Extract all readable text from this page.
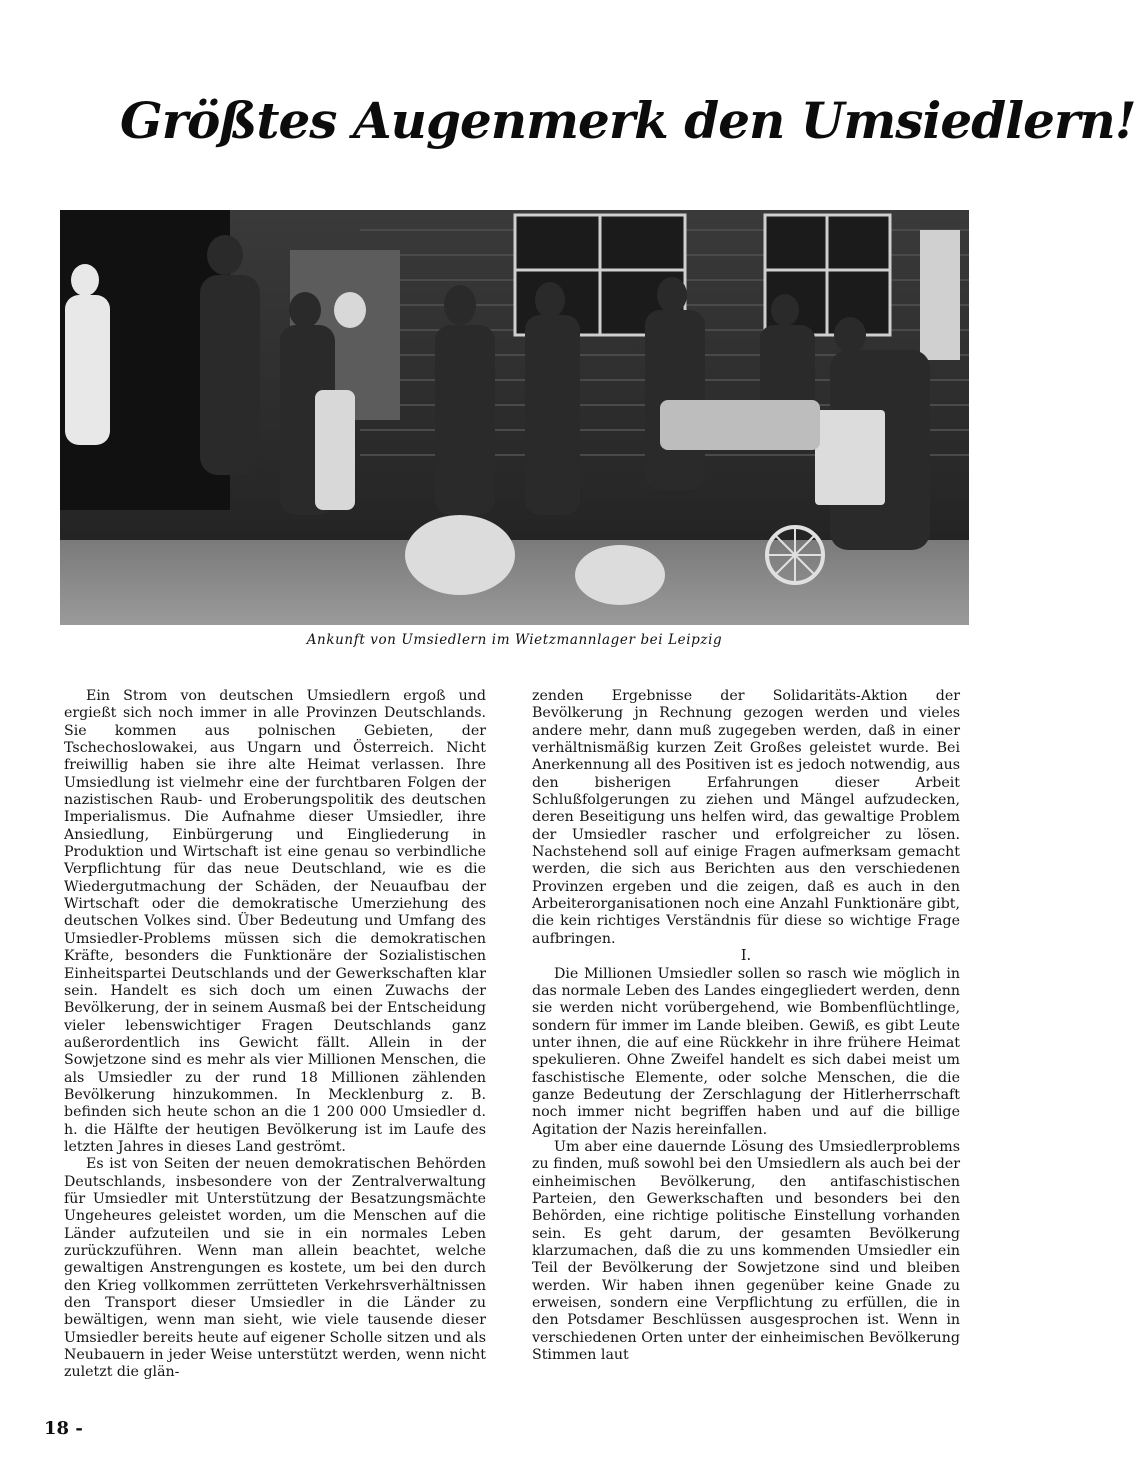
Größtes Augenmerk den Umsiedlern!
Ankunft von Umsiedlern im Wietzmannlager bei Leipzig

Ein Strom von deutschen Umsiedlern ergoß und ergießt sich noch immer in alle Provinzen Deutschlands. Sie kommen aus polnischen Gebieten, der Tschechoslowakei, aus Ungarn und Österreich. Nicht freiwillig haben sie ihre alte Heimat verlassen. Ihre Umsiedlung ist vielmehr eine der furchtbaren Folgen der nazistischen Raub- und Eroberungspolitik des deutschen Imperialismus. Die Aufnahme dieser Umsiedler, ihre Ansiedlung, Einbürgerung und Eingliederung in Produktion und Wirtschaft ist eine genau so verbindliche Verpflichtung für das neue Deutschland, wie es die Wiedergutmachung der Schäden, der Neuaufbau der Wirtschaft oder die demokratische Umerziehung des deutschen Volkes sind. Über Bedeutung und Umfang des Umsiedler-Problems müssen sich die demokratischen Kräfte, besonders die Funktionäre der Sozialistischen Einheitspartei Deutschlands und der Gewerkschaften klar sein. Handelt es sich doch um einen Zuwachs der Bevölkerung, der in seinem Ausmaß bei der Entscheidung vieler lebenswichtiger Fragen Deutschlands ganz außerordentlich ins Gewicht fällt. Allein in der Sowjetzone sind es mehr als vier Millionen Menschen, die als Umsiedler zu der rund 18 Millionen zählenden Bevölkerung hinzukommen. In Mecklenburg z. B. befinden sich heute schon an die 1 200 000 Umsiedler d. h. die Hälfte der heutigen Bevölkerung ist im Laufe des letzten Jahres in dieses Land geströmt.

Es ist von Seiten der neuen demokratischen Behörden Deutschlands, insbesondere von der Zentralverwaltung für Umsiedler mit Unterstützung der Besatzungsmächte Ungeheures geleistet worden, um die Menschen auf die Länder aufzuteilen und sie in ein normales Leben zurückzuführen. Wenn man allein beachtet, welche gewaltigen Anstrengungen es kostete, um bei den durch den Krieg vollkommen zerrütteten Verkehrsverhältnissen den Transport dieser Umsiedler in die Länder zu bewältigen, wenn man sieht, wie viele tausende dieser Umsiedler bereits heute auf eigener Scholle sitzen und als Neubauern in jeder Weise unterstützt werden, wenn nicht zuletzt die glän-

zenden Ergebnisse der Solidaritäts-Aktion der Bevölkerung jn Rechnung gezogen werden und vieles andere mehr, dann muß zugegeben werden, daß in einer verhältnismäßig kurzen Zeit Großes geleistet wurde. Bei Anerkennung all des Positiven ist es jedoch notwendig, aus den bisherigen Erfahrungen dieser Arbeit Schlußfolgerungen zu ziehen und Mängel aufzudecken, deren Beseitigung uns helfen wird, das gewaltige Problem der Umsiedler rascher und erfolgreicher zu lösen. Nachstehend soll auf einige Fragen aufmerksam gemacht werden, die sich aus Berichten aus den verschiedenen Provinzen ergeben und die zeigen, daß es auch in den Arbeiterorganisationen noch eine Anzahl Funktionäre gibt, die kein richtiges Verständnis für diese so wichtige Frage aufbringen.

I.

Die Millionen Umsiedler sollen so rasch wie möglich in das normale Leben des Landes eingegliedert werden, denn sie werden nicht vorübergehend, wie Bombenflüchtlinge, sondern für immer im Lande bleiben. Gewiß, es gibt Leute unter ihnen, die auf eine Rückkehr in ihre frühere Heimat spekulieren. Ohne Zweifel handelt es sich dabei meist um faschistische Elemente, oder solche Menschen, die die ganze Bedeutung der Zerschlagung der Hitlerherrschaft noch immer nicht begriffen haben und auf die billige Agitation der Nazis hereinfallen.

Um aber eine dauernde Lösung des Umsiedlerproblems zu finden, muß sowohl bei den Umsiedlern als auch bei der einheimischen Bevölkerung, den antifaschistischen Parteien, den Gewerkschaften und besonders bei den Behörden, eine richtige politische Einstellung vorhanden sein. Es geht darum, der gesamten Bevölkerung klarzumachen, daß die zu uns kommenden Umsiedler ein Teil der Bevölkerung der Sowjetzone sind und bleiben werden. Wir haben ihnen gegenüber keine Gnade zu erweisen, sondern eine Verpflichtung zu erfüllen, die in den Potsdamer Beschlüssen ausgesprochen ist. Wenn in verschiedenen Orten unter der einheimischen Bevölkerung Stimmen laut

18 -
